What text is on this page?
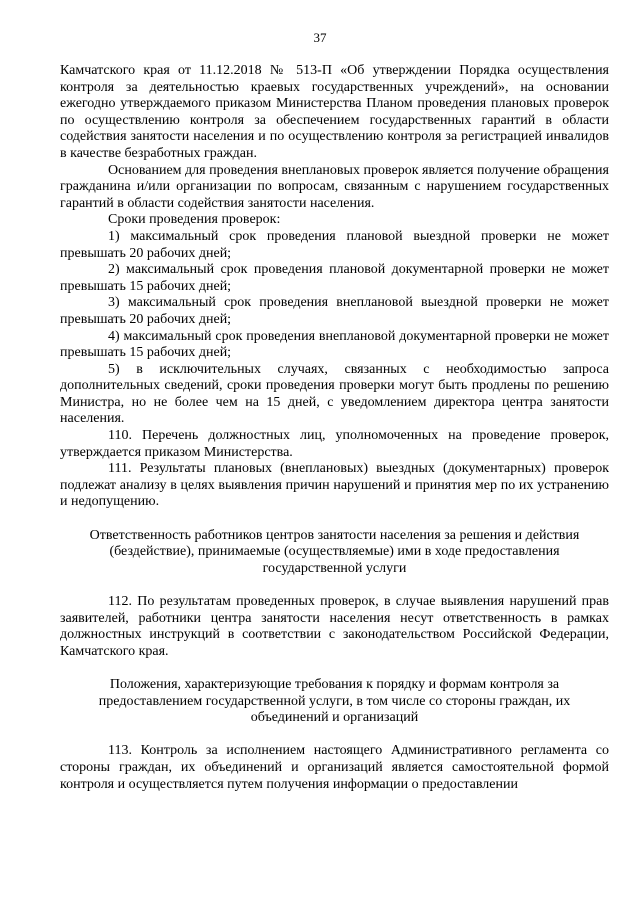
37

Камчатского края от 11.12.2018 № 513-П «Об утверждении Порядка осуществления контроля за деятельностью краевых государственных учреждений», на основании ежегодно утверждаемого приказом Министерства Планом проведения плановых проверок по осуществлению контроля за обеспечением государственных гарантий в области содействия занятости населения и по осуществлению контроля за регистрацией инвалидов в качестве безработных граждан.

Основанием для проведения внеплановых проверок является получение обращения гражданина и/или организации по вопросам, связанным с нарушением государственных гарантий в области содействия занятости населения.

Сроки проведения проверок:

1) максимальный срок проведения плановой выездной проверки не может превышать 20 рабочих дней;

2) максимальный срок проведения плановой документарной проверки не может превышать 15 рабочих дней;

3) максимальный срок проведения внеплановой выездной проверки не может превышать 20 рабочих дней;

4) максимальный срок проведения внеплановой документарной проверки не может превышать 15 рабочих дней;

5) в исключительных случаях, связанных с необходимостью запроса дополнительных сведений, сроки проведения проверки могут быть продлены по решению Министра, но не более чем на 15 дней, с уведомлением директора центра занятости населения.

110. Перечень должностных лиц, уполномоченных на проведение проверок, утверждается приказом Министерства.

111. Результаты плановых (внеплановых) выездных (документарных) проверок подлежат анализу в целях выявления причин нарушений и принятия мер по их устранению и недопущению.

Ответственность работников центров занятости населения за решения и действия (бездействие), принимаемые (осуществляемые) ими в ходе предоставления государственной услуги

112. По результатам проведенных проверок, в случае выявления нарушений прав заявителей, работники центра занятости населения несут ответственность в рамках должностных инструкций в соответствии с законодательством Российской Федерации, Камчатского края.

Положения, характеризующие требования к порядку и формам контроля за предоставлением государственной услуги, в том числе со стороны граждан, их объединений и организаций

113. Контроль за исполнением настоящего Административного регламента со стороны граждан, их объединений и организаций является самостоятельной формой контроля и осуществляется путем получения информации о предоставлении
